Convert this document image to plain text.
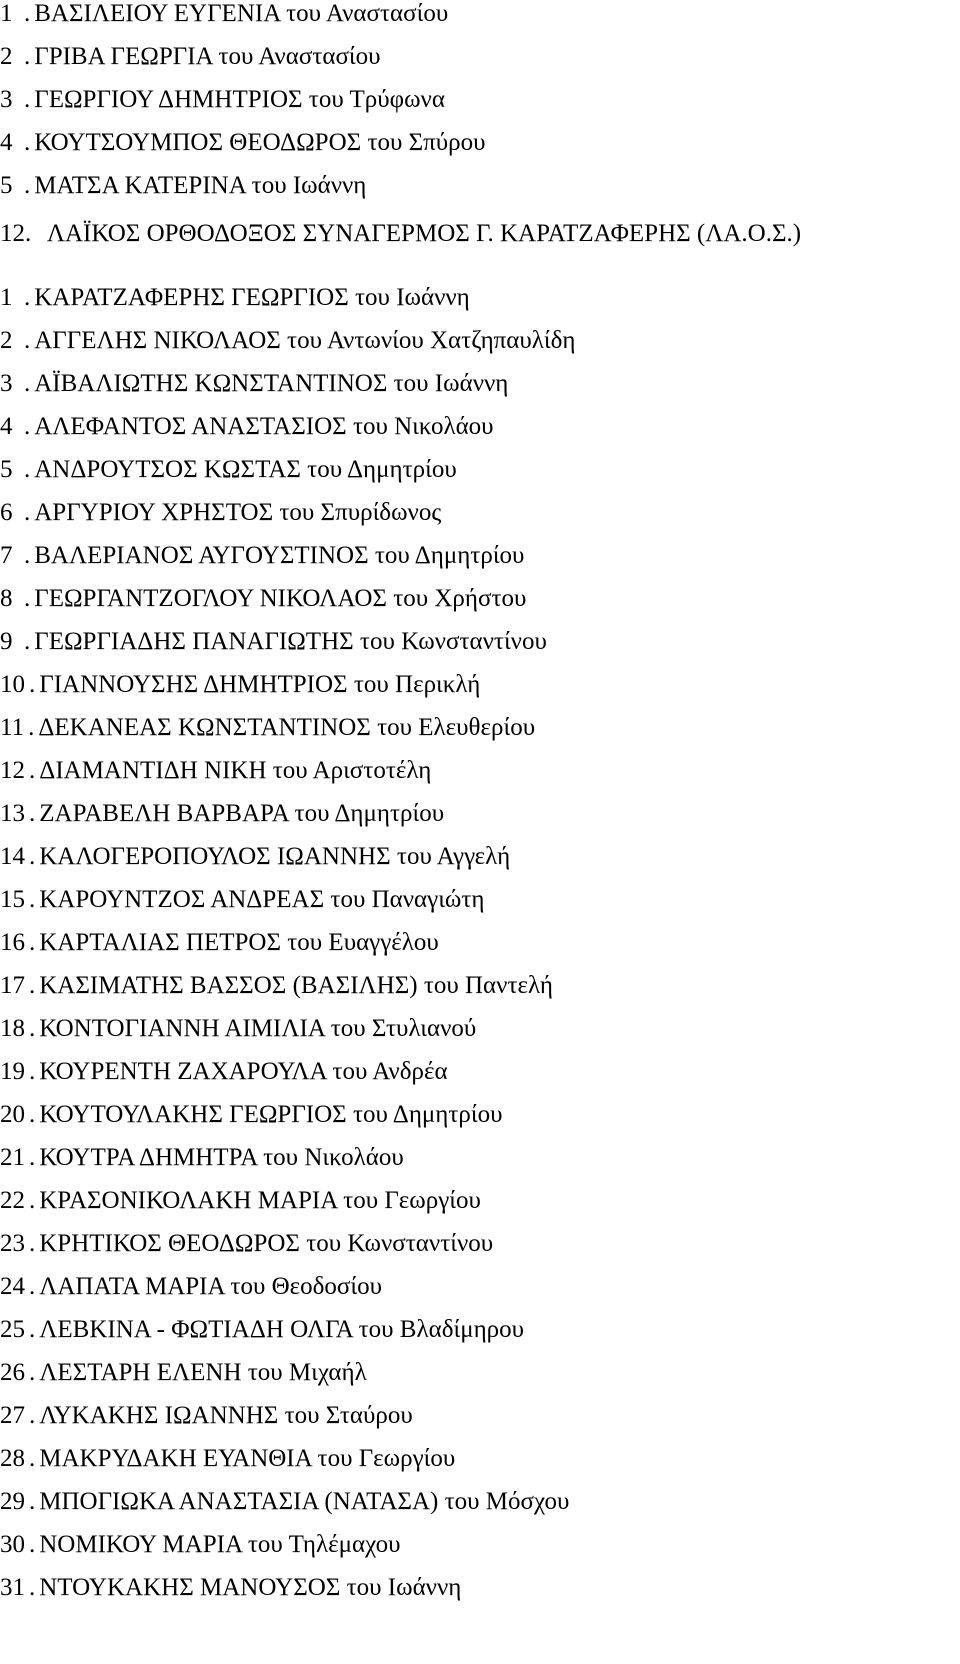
1 . ΒΑΣΙΛΕΙΟΥ ΕΥΓΕΝΙΑ του Αναστασίου
2 . ΓΡΙΒΑ ΓΕΩΡΓΙΑ του Αναστασίου
3 . ΓΕΩΡΓΙΟΥ ΔΗΜΗΤΡΙΟΣ του Τρύφωνα
4 . ΚΟΥΤΣΟΥΜΠΟΣ ΘΕΟΔΩΡΟΣ του Σπύρου
5 . ΜΑΤΣΑ ΚΑΤΕΡΙΝΑ του Ιωάννη
12. ΛΑΪΚΟΣ ΟΡΘΟΔΟΞΟΣ ΣΥΝΑΓΕΡΜΟΣ Γ. ΚΑΡΑΤΖΑΦΕΡΗΣ (ΛΑ.Ο.Σ.)
1 . ΚΑΡΑΤΖΑΦΕΡΗΣ ΓΕΩΡΓΙΟΣ του Ιωάννη
2 . ΑΓΓΕΛΗΣ ΝΙΚΟΛΑΟΣ του Αντωνίου Χατζηπαυλίδη
3 . ΑΪΒΑΛΙΩΤΗΣ ΚΩΝΣΤΑΝΤΙΝΟΣ του Ιωάννη
4 . ΑΛΕΦΑΝΤΟΣ ΑΝΑΣΤΑΣΙΟΣ του Νικολάου
5 . ΑΝΔΡΟΥΤΣΟΣ ΚΩΣΤΑΣ του Δημητρίου
6 . ΑΡΓΥΡΙΟΥ ΧΡΗΣΤΟΣ του Σπυρίδωνος
7 . ΒΑΛΕΡΙΑΝΟΣ ΑΥΓΟΥΣΤΙΝΟΣ του Δημητρίου
8 . ΓΕΩΡΓΑΝΤΖΟΓΛΟΥ ΝΙΚΟΛΑΟΣ του Χρήστου
9 . ΓΕΩΡΓΙΑΔΗΣ ΠΑΝΑΓΙΩΤΗΣ του Κωνσταντίνου
10 . ΓΙΑΝΝΟΥΣΗΣ ΔΗΜΗΤΡΙΟΣ του Περικλή
11 . ΔΕΚΑΝΕΑΣ ΚΩΝΣΤΑΝΤΙΝΟΣ του Ελευθερίου
12 . ΔΙΑΜΑΝΤΙΔΗ ΝΙΚΗ του Αριστοτέλη
13 . ΖΑΡΑΒΕΛΗ ΒΑΡΒΑΡΑ του Δημητρίου
14 . ΚΑΛΟΓΕΡΟΠΟΥΛΟΣ ΙΩΑΝΝΗΣ του Αγγελή
15 . ΚΑΡΟΥΝΤΖΟΣ ΑΝΔΡΕΑΣ του Παναγιώτη
16 . ΚΑΡΤΑΛΙΑΣ ΠΕΤΡΟΣ του Ευαγγέλου
17 . ΚΑΣΙΜΑΤΗΣ ΒΑΣΣΟΣ (ΒΑΣΙΛΗΣ) του Παντελή
18 . ΚΟΝΤΟΓΙΑΝΝΗ ΑΙΜΙΛΙΑ του Στυλιανού
19 . ΚΟΥΡΕΝΤΗ ΖΑΧΑΡΟΥΛΑ του Ανδρέα
20 . ΚΟΥΤΟΥΛΑΚΗΣ ΓΕΩΡΓΙΟΣ του Δημητρίου
21 . ΚΟΥΤΡΑ ΔΗΜΗΤΡΑ του Νικολάου
22 . ΚΡΑΣΟΝΙΚΟΛΑΚΗ ΜΑΡΙΑ του Γεωργίου
23 . ΚΡΗΤΙΚΟΣ ΘΕΟΔΩΡΟΣ του Κωνσταντίνου
24 . ΛΑΠΑΤΑ ΜΑΡΙΑ του Θεοδοσίου
25 . ΛΕΒΚΙΝΑ - ΦΩΤΙΑΔΗ ΟΛΓΑ του Βλαδίμηρου
26 . ΛΕΣΤΑΡΗ ΕΛΕΝΗ του Μιχαήλ
27 . ΛΥΚΑΚΗΣ ΙΩΑΝΝΗΣ του Σταύρου
28 . ΜΑΚΡΥΔΑΚΗ ΕΥΑΝΘΙΑ του Γεωργίου
29 . ΜΠΟΓΙΩΚΑ ΑΝΑΣΤΑΣΙΑ (ΝΑΤΑΣΑ) του Μόσχου
30 . ΝΟΜΙΚΟΥ ΜΑΡΙΑ του Τηλέμαχου
31 . ΝΤΟΥΚΑΚΗΣ ΜΑΝΟΥΣΟΣ του Ιωάννη
